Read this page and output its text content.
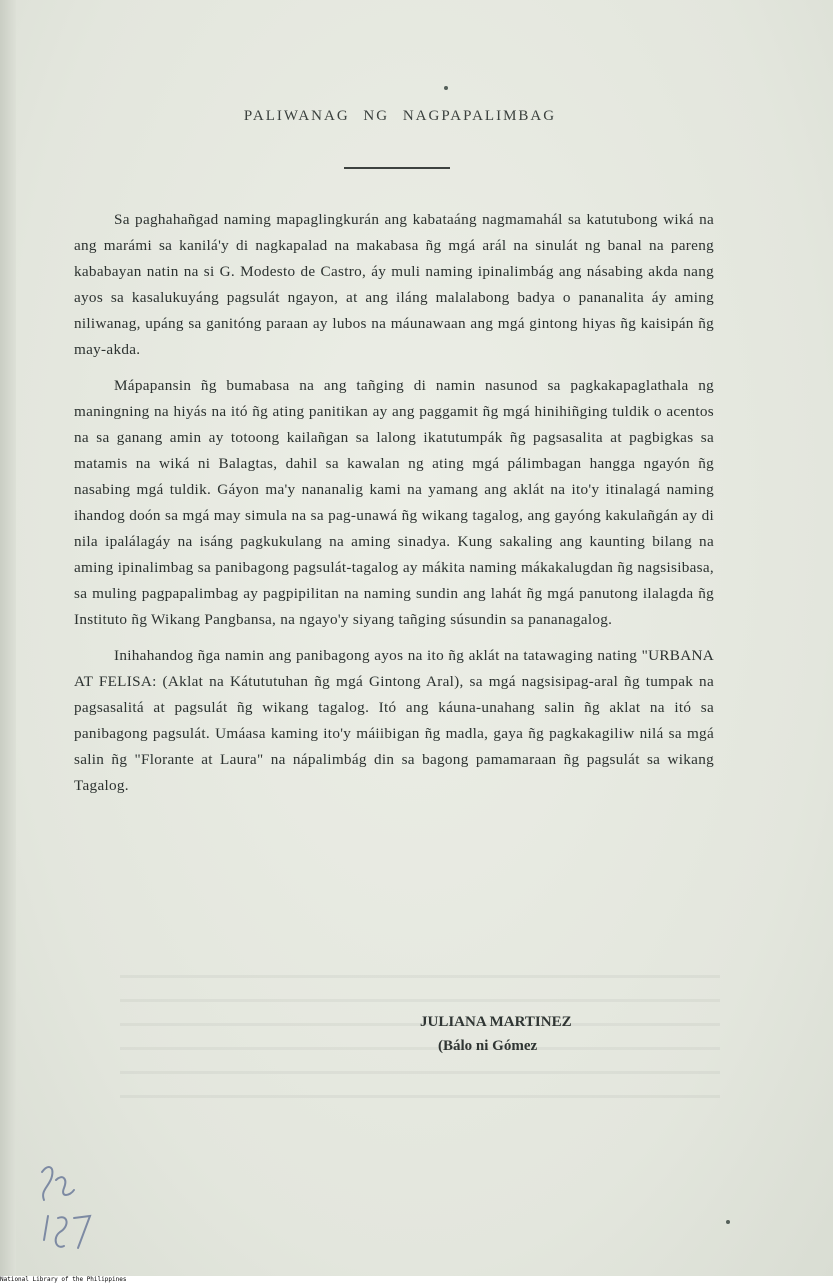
PALIWANAG NG NAGPAPALIMBAG

Sa paghahañgad naming mapaglingkurán ang kabataáng nagmamahál sa katutubong wiká na ang marámi sa kanilá'y di nagkapalad na makabasa ñg mgá arál na sinulát ng banal na pareng kababayan natin na si G. Modesto de Castro, áy muli naming ipinalimbág ang násabing akda nang ayos sa kasalukuyáng pagsulát ngayon, at ang iláng malalabong badya o pananalita áy aming niliwanag, upáng sa ganitóng paraan ay lubos na máunawaan ang mgá gintong hiyas ñg kaisipán ñg may-akda.

Mápapansin ñg bumabasa na ang tañging di namin nasunod sa pagkakapaglathala ng maningning na hiyás na itó ñg ating panitikan ay ang paggamit ñg mgá hinihiñging tuldik o acentos na sa ganang amin ay totoong kailañgan sa lalong ikatutumpák ñg pagsasalita at pagbigkas sa matamis na wiká ni Balagtas, dahil sa kawalan ng ating mgá pálimbagan hangga ngayón ñg nasabing mgá tuldik. Gáyon ma'y nananalig kami na yamang ang aklát na ito'y itinalagá naming ihandog doón sa mgá may simula na sa pag-unawá ñg wikang tagalog, ang gayóng kakulañgán ay di nila ipalálagáy na isáng pagkukulang na aming sinadya. Kung sakaling ang kaunting bilang na aming ipinalimbag sa panibagong pagsulát-tagalog ay mákita naming mákakalugdan ñg nagsisibasa, sa muling pagpapalimbag ay pagpipilitan na naming sundin ang lahát ñg mgá panutong ilalagda ñg Instituto ñg Wikang Pangbansa, na ngayo'y siyang tañging súsundin sa pananagalog.

Inihahandog ñga namin ang panibagong ayos na ito ñg aklát na tatawaging nating "URBANA AT FELISA: (Aklat na Kátututuhan ñg mgá Gintong Aral), sa mgá nagsisipag-aral ñg tumpak na pagsasalitá at pagsulát ñg wikang tagalog. Itó ang káuna-unahang salin ñg aklat na itó sa panibagong pagsulát. Umáasa kaming ito'y máiibigan ñg madla, gaya ñg pagkakagiliw nilá sa mgá salin ñg "Florante at Laura" na nápalimbág din sa bagong pamamaraan ñg pagsulát sa wikang Tagalog.

JULIANA MARTINEZ
(Bálo ni Gómez
National Library of the Philippines
